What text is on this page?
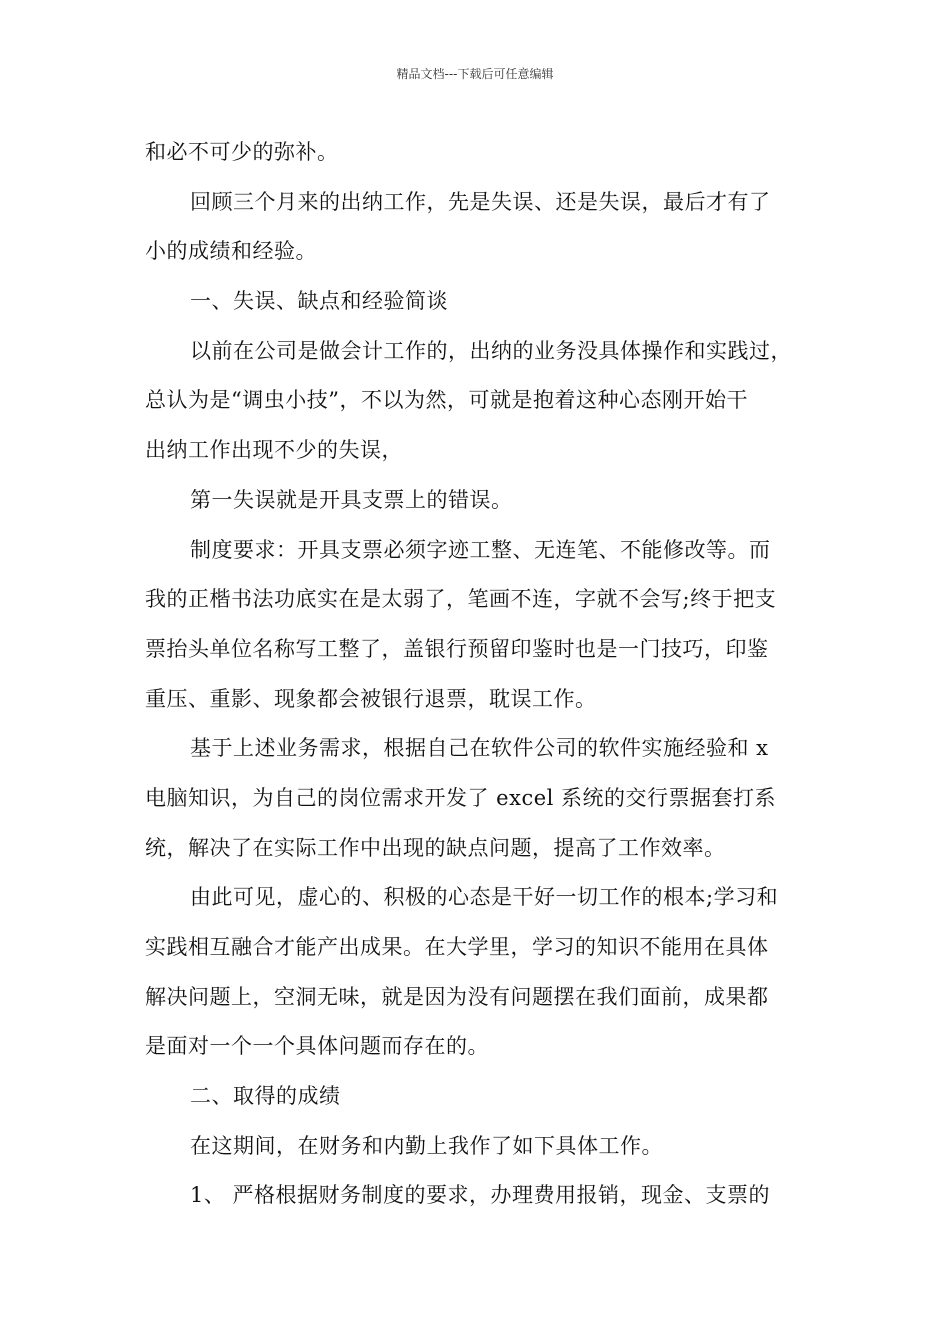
精品文档---下载后可任意编辑
和必不可少的弥补。
回顾三个月来的出纳工作，先是失误、还是失误，最后才有了
小的成绩和经验。
一、失误、缺点和经验简谈
以前在公司是做会计工作的，出纳的业务没具体操作和实践过，
总认为是“调虫小技”，不以为然，可就是抱着这种心态刚开始干
出纳工作出现不少的失误，
第一失误就是开具支票上的错误。
制度要求：开具支票必须字迹工整、无连笔、不能修改等。而
我的正楷书法功底实在是太弱了，笔画不连，字就不会写;终于把支
票抬头单位名称写工整了，盖银行预留印鉴时也是一门技巧，印鉴
重压、重影、现象都会被银行退票，耽误工作。
基于上述业务需求，根据自己在软件公司的软件实施经验和 x
电脑知识，为自己的岗位需求开发了 excel 系统的交行票据套打系
统，解决了在实际工作中出现的缺点问题，提高了工作效率。
由此可见，虚心的、积极的心态是干好一切工作的根本;学习和
实践相互融合才能产出成果。在大学里，学习的知识不能用在具体
解决问题上，空洞无味，就是因为没有问题摆在我们面前，成果都
是面对一个一个具体问题而存在的。
二、取得的成绩
在这期间，在财务和内勤上我作了如下具体工作。
1、 严格根据财务制度的要求，办理费用报销，现金、支票的
